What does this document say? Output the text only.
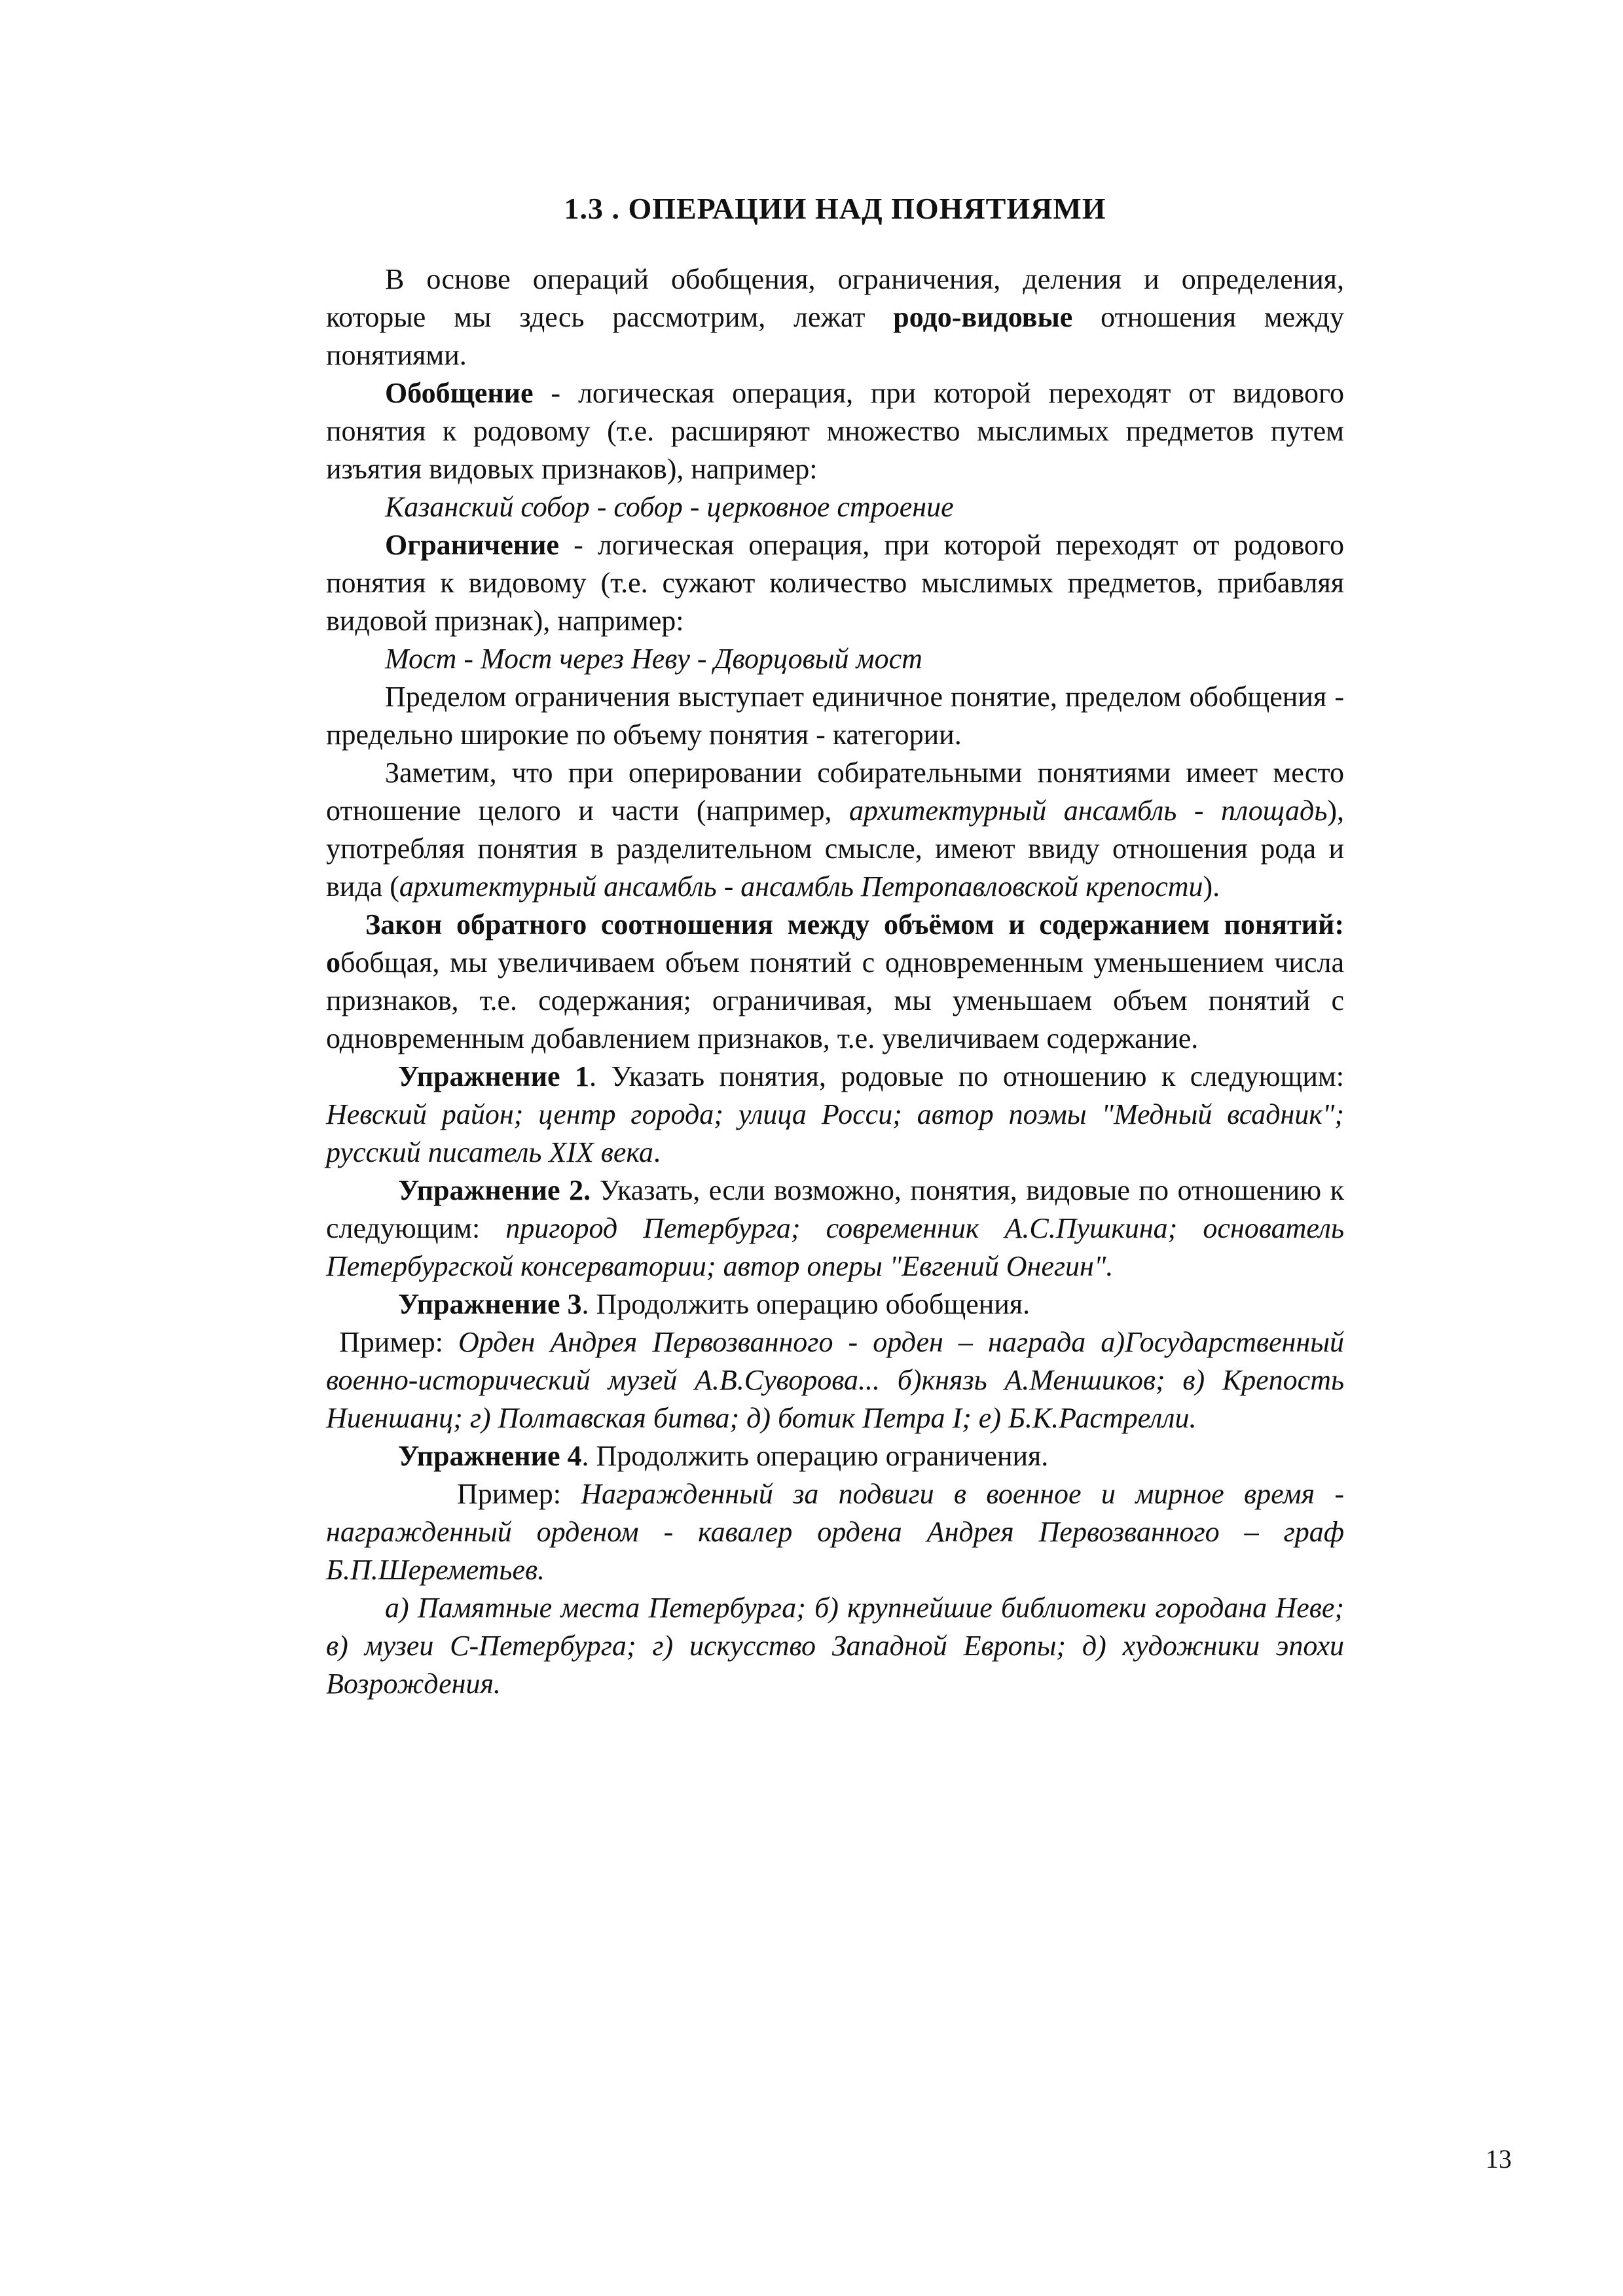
1.3 . ОПЕРАЦИИ НАД ПОНЯТИЯМИ

В основе операций обобщения, ограничения, деления и определения, которые мы здесь рассмотрим, лежат родо-видовые отношения между понятиями.

Обобщение - логическая операция, при которой переходят от видового понятия к родовому (т.е. расширяют множество мыслимых предметов путем изъятия видовых признаков), например:

Казанский собор - собор - церковное строение

Ограничение - логическая операция, при которой переходят от родового понятия к видовому (т.е. сужают количество мыслимых предметов, прибавляя видовой признак), например:

Мост - Мост через Неву - Дворцовый мост

Пределом ограничения выступает единичное понятие, пределом обобщения - предельно широкие по объему понятия - категории.

Заметим, что при оперировании собирательными понятиями имеет место отношение целого и части (например, архитектурный ансамбль - площадь), употребляя понятия в разделительном смысле, имеют ввиду отношения рода и вида (архитектурный ансамбль - ансамбль Петропавловской крепости).

Закон обратного соотношения между объёмом и содержанием понятий: обобщая, мы увеличиваем объем понятий с одновременным уменьшением числа признаков, т.е. содержания; ограничивая, мы уменьшаем объем понятий с одновременным добавлением признаков, т.е. увеличиваем содержание.

Упражнение 1. Указать понятия, родовые по отношению к следующим: Невский район; центр города; улица Росси; автор поэмы "Медный всадник"; русский писатель XIX века.

Упражнение 2. Указать, если возможно, понятия, видовые по отношению к следующим: пригород Петербурга; современник А.С.Пушкина; основатель Петербургской консерватории; автор оперы "Евгений Онегин".

Упражнение 3. Продолжить операцию обобщения.

Пример: Орден Андрея Первозванного - орден – награда а)Государственный военно-исторический музей А.В.Суворова... б)князь А.Меншиков; в) Крепость Ниеншанц; г) Полтавская битва; д) ботик Петра I; е) Б.К.Растрелли.

Упражнение 4. Продолжить операцию ограничения.

Пример: Награжденный за подвиги в военное и мирное время - награжденный орденом - кавалер ордена Андрея Первозванного – граф Б.П.Шереметьев.

а) Памятные места Петербурга; б) крупнейшие библиотеки городана Неве; в) музеи С-Петербурга; г) искусство Западной Европы; д) художники эпохи Возрождения.

13
